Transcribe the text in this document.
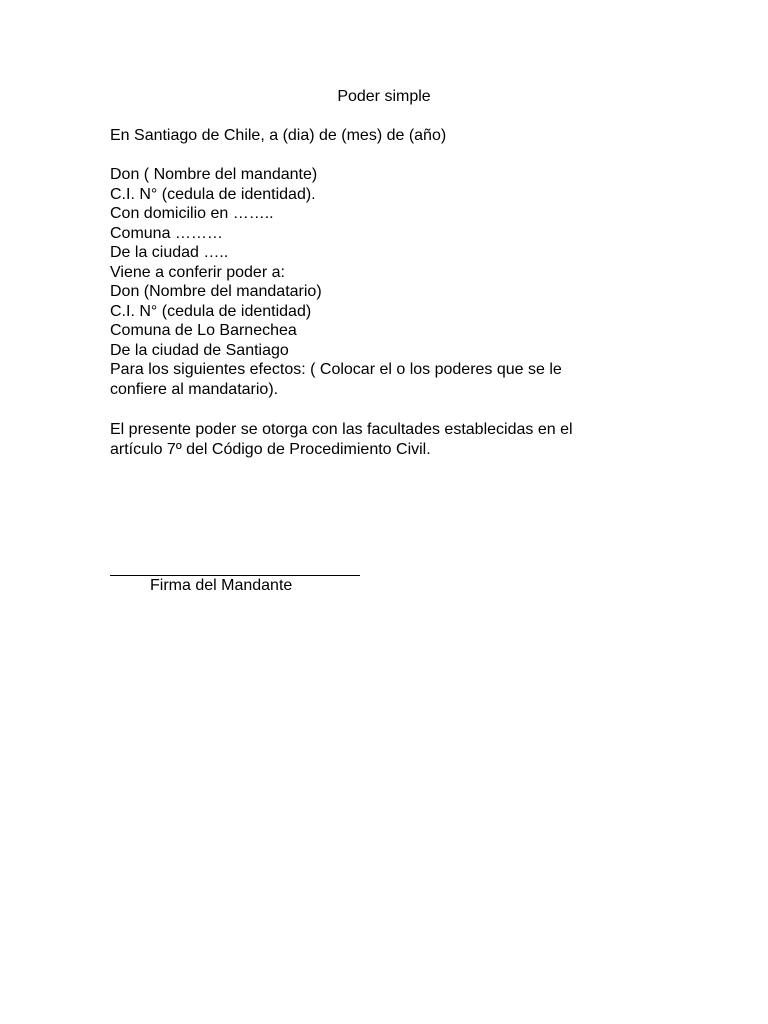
Poder simple
En Santiago de Chile, a (dia) de (mes) de (año)
Don ( Nombre del mandante)
C.I. N° (cedula de identidad).
Con domicilio en ……..
Comuna ………
De la ciudad …..
Viene a conferir poder a:
Don (Nombre del mandatario)
C.I. N° (cedula de identidad)
Comuna de Lo Barnechea
De la ciudad de Santiago
Para los siguientes efectos: ( Colocar el o los poderes que se le
confiere al mandatario).
El presente poder se otorga con las facultades establecidas en el
artículo 7º del Código de Procedimiento Civil.
Firma del Mandante
